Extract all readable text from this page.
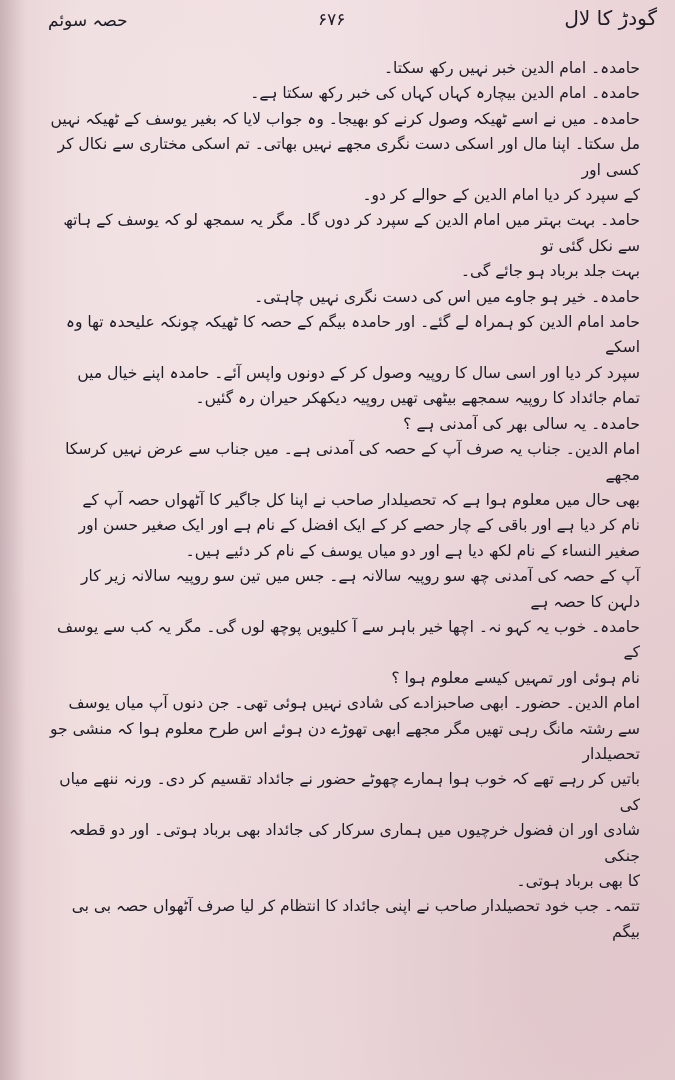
حصہ سوئم	۶۷۶	گودڑ کا لال

حامدہ۔ امام الدین خبر نہیں رکھ سکتا۔

حامدہ۔ امام الدین بیچارہ کہاں کہاں کی خبر رکھ سکتا ہے۔

حامدہ۔ میں نے اسے ٹھیکہ وصول کرنے کو بھیجا۔ وہ جواب لایا کہ بغیر یوسف کے ٹھیکہ نہیں
مل سکتا۔ اپنا مال اور اسکی دست نگری مجھے نہیں بھاتی۔ تم اسکی مختاری سے نکال کر کسی اور
کے سپرد کر دیا امام الدین کے حوالے کر دو۔

حامد۔ بہت بہتر میں امام الدین کے سپرد کر دوں گا۔ مگر یہ سمجھ لو کہ یوسف کے ہاتھ سے نکل گئی تو
بہت جلد برباد ہو جائے گی۔

حامدہ۔ خیر ہو جاوے میں اس کی دست نگری نہیں چاہتی۔

حامد امام الدین کو ہمراہ لے گئے۔ اور حامدہ بیگم کے حصہ کا ٹھیکہ چونکہ علیحدہ تھا وہ اسکے
سپرد کر دیا اور اسی سال کا روپیہ وصول کر کے دونوں واپس آئے۔ حامدہ اپنے خیال میں
تمام جائداد کا روپیہ سمجھے بیٹھی تھیں روپیہ دیکھکر حیران رہ گئیں۔

حامدہ۔ یہ سالی بھر کی آمدنی ہے ؟

امام الدین۔ جناب یہ صرف آپ کے حصہ کی آمدنی ہے۔ میں جناب سے عرض نہیں کرسکا مجھے
بھی حال میں معلوم ہوا ہے کہ تحصیلدار صاحب نے اپنا کل جاگیر کا آٹھواں حصہ آپ کے
نام کر دیا ہے اور باقی کے چار حصے کر کے ایک افضل کے نام ہے اور ایک صغیر حسن اور
صغیر النساء کے نام لکھ دیا ہے اور دو میاں یوسف کے نام کر دئیے ہیں۔

آپ کے حصہ کی آمدنی چھ سو روپیہ سالانہ ہے۔ جس میں تین سو روپیہ سالانہ زیر کار
دلہن کا حصہ ہے

حامدہ۔ خوب یہ کہو نہ۔ اچھا خیر باہر سے آ کلیویں پوچھ لوں گی۔ مگر یہ کب سے یوسف کے
نام ہوئی اور تمہیں کیسے معلوم ہوا ؟

امام الدین۔ حضور۔ ابھی صاحبزادے کی شادی نہیں ہوئی تھی۔ جن دنوں آپ میاں یوسف
سے رشتہ مانگ رہی تھیں مگر مجھے ابھی تھوڑے دن ہوئے اس طرح معلوم ہوا کہ منشی جو تحصیلدار
باتیں کر رہے تھے کہ خوب ہوا ہمارے چھوٹے حضور نے جائداد تقسیم کر دی۔ ورنہ ننھے میاں کی
شادی اور ان فضول خرچیوں میں ہماری سرکار کی جائداد بھی برباد ہوتی۔ اور دو قطعہ جنکی
کا بھی برباد ہوتی۔

تتمہ۔ جب خود تحصیلدار صاحب نے اپنی جائداد کا انتظام کر لیا صرف آٹھواں حصہ بی بی بیگم
